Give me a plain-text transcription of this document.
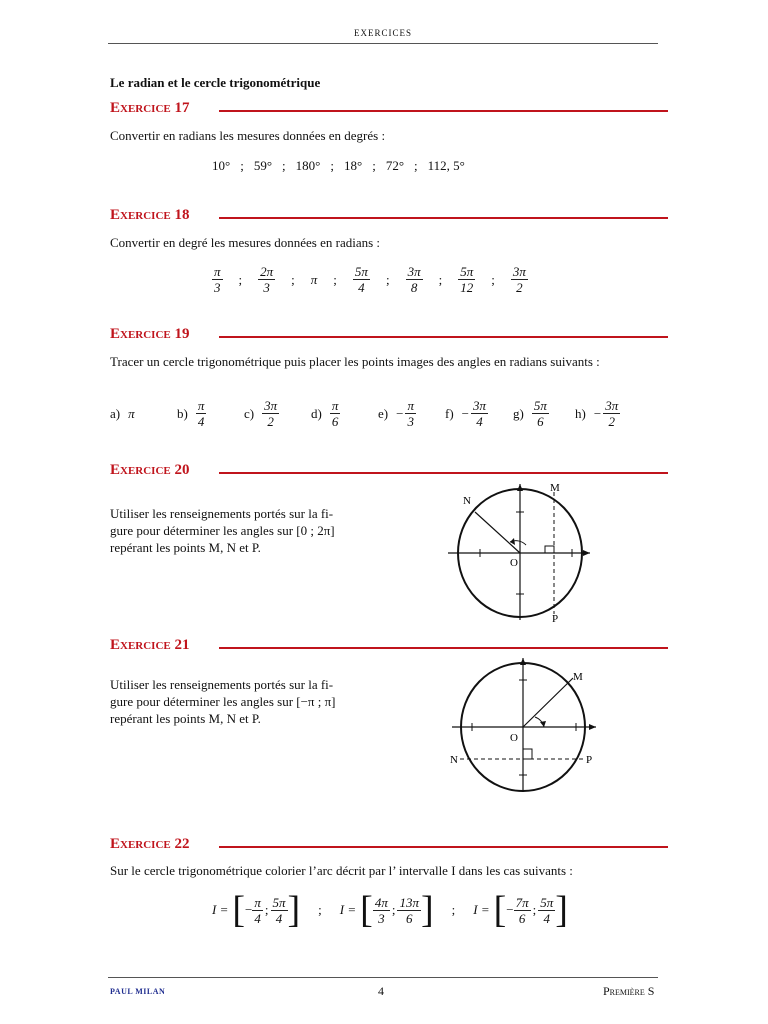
EXERCICES
Le radian et le cercle trigonométrique
Exercice 17
Convertir en radians les mesures données en degrés :
10° ; 59° ; 180° ; 18° ; 72° ; 112, 5°
Exercice 18
Convertir en degré les mesures données en radians :
$\frac{\pi}{3}$ ; $\frac{2\pi}{3}$ ; π ; $\frac{5\pi}{4}$ ; $\frac{3\pi}{8}$ ; $\frac{5\pi}{12}$ ; $\frac{3\pi}{2}$
Exercice 19
Tracer un cercle trigonométrique puis placer les points images des angles en radians suivants :
a) π	$b) \frac{\pi}{4}$	$c) \frac{3\pi}{2} d) \frac{\pi}{6}$	$e) - \frac{\pi}{3} f) - \frac{3\pi}{4} g) \frac{5\pi}{6} h) - \frac{3\pi}{2}$
Exercice 20
Utiliser les renseignements portés sur la fi-
gure pour déterminer les angles sur [0 ; 2π]
repérant les points M, N et P.
N
M
O
P
Exercice 21
Utiliser les renseignements portés sur la fi-
gure pour déterminer les angles sur [−π ; π]
repérant les points M, N et P.
M
O
N	P
Exercice 22
Sur le cercle trigonométrique colorier l’arc décrit par l’ intervalle I dans les cas suivants :
I = [ − $\frac{\pi}{4}$ ; $\frac{5\pi}{4}$ ] ; I = [ $\frac{4\pi}{3}$ ; $\frac{13\pi}{6}$ ] ; I = [ − $\frac{7\pi}{6}$ ; $\frac{5\pi}{4}$ ]
PAUL MILAN	4	Première S
